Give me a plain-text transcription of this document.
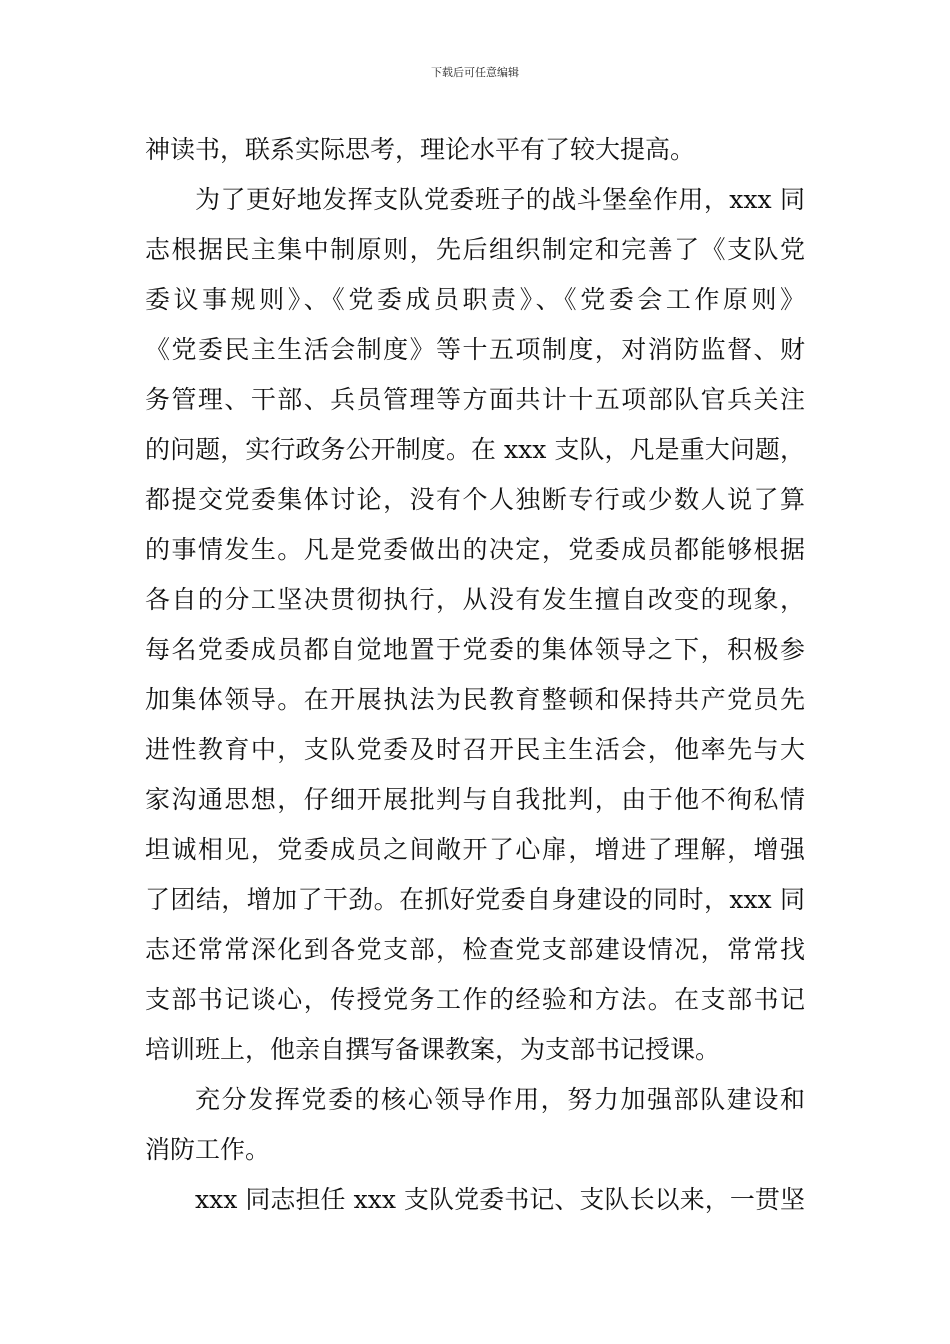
下载后可任意编辑
神读书，联系实际思考，理论水平有了较大提高。
为了更好地发挥支队党委班子的战斗堡垒作用，xxx 同
志根据民主集中制原则，先后组织制定和完善了《支队党
委议事规则》、《党委成员职责》、《党委会工作原则》
《党委民主生活会制度》等十五项制度，对消防监督、财
务管理、干部、兵员管理等方面共计十五项部队官兵关注
的问题，实行政务公开制度。在 xxx 支队，凡是重大问题，
都提交党委集体讨论，没有个人独断专行或少数人说了算
的事情发生。凡是党委做出的决定，党委成员都能够根据
各自的分工坚决贯彻执行，从没有发生擅自改变的现象，
每名党委成员都自觉地置于党委的集体领导之下，积极参
加集体领导。在开展执法为民教育整顿和保持共产党员先
进性教育中，支队党委及时召开民主生活会，他率先与大
家沟通思想，仔细开展批判与自我批判，由于他不徇私情
坦诚相见，党委成员之间敞开了心扉，增进了理解，增强
了团结，增加了干劲。在抓好党委自身建设的同时，xxx 同
志还常常深化到各党支部，检查党支部建设情况，常常找
支部书记谈心，传授党务工作的经验和方法。在支部书记
培训班上，他亲自撰写备课教案，为支部书记授课。
充分发挥党委的核心领导作用，努力加强部队建设和
消防工作。
xxx 同志担任 xxx 支队党委书记、支队长以来，一贯坚
